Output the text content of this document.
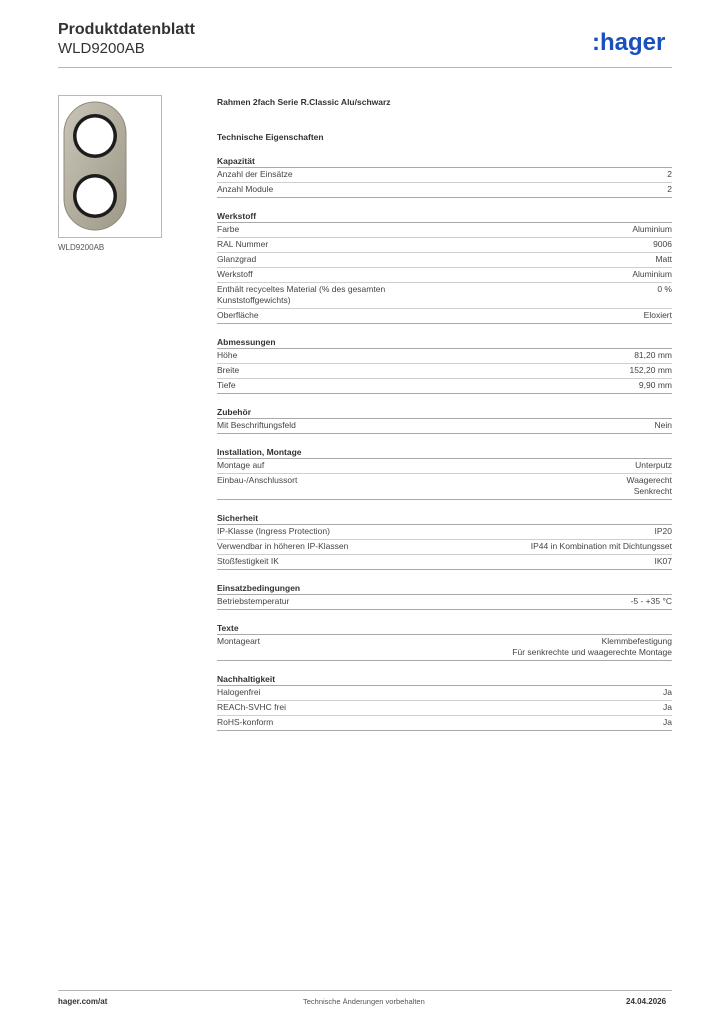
Produktdatenblatt
WLD9200AB	:hager
WLD9200AB
Rahmen 2fach Serie R.Classic Alu/schwarz
Technische Eigenschaften
Kapazität
Anzahl der Einsätze	2
Anzahl Module	2
Werkstoff
Farbe	Aluminium
RAL Nummer	9006
Glanzgrad	Matt
Werkstoff	Aluminium
Enthält recyceltes Material (% des gesamten Kunststoffgewichts)
0 %
Oberfläche	Eloxiert
Abmessungen
Höhe	81,20 mm
Breite	152,20 mm
Tiefe	9,90 mm
Zubehör
Mit Beschriftungsfeld	Nein
Installation, Montage
Montage auf	Unterputz
Einbau-/Anschlussort	Waagerecht
Senkrecht
Sicherheit
IP-Klasse (Ingress Protection)	IP20
Verwendbar in höheren IP-Klassen	IP44 in Kombination mit Dichtungsset
Stoßfestigkeit IK	IK07
Einsatzbedingungen
Betriebstemperatur	-5 - +35 °C
Texte
Montageart	Klemmbefestigung
Für senkrechte und waagerechte Montage
Nachhaltigkeit
Halogenfrei	Ja
REACh-SVHC frei	Ja
RoHS-konform	Ja
hager.com/at	Technische Änderungen vorbehalten	24.04.2026
